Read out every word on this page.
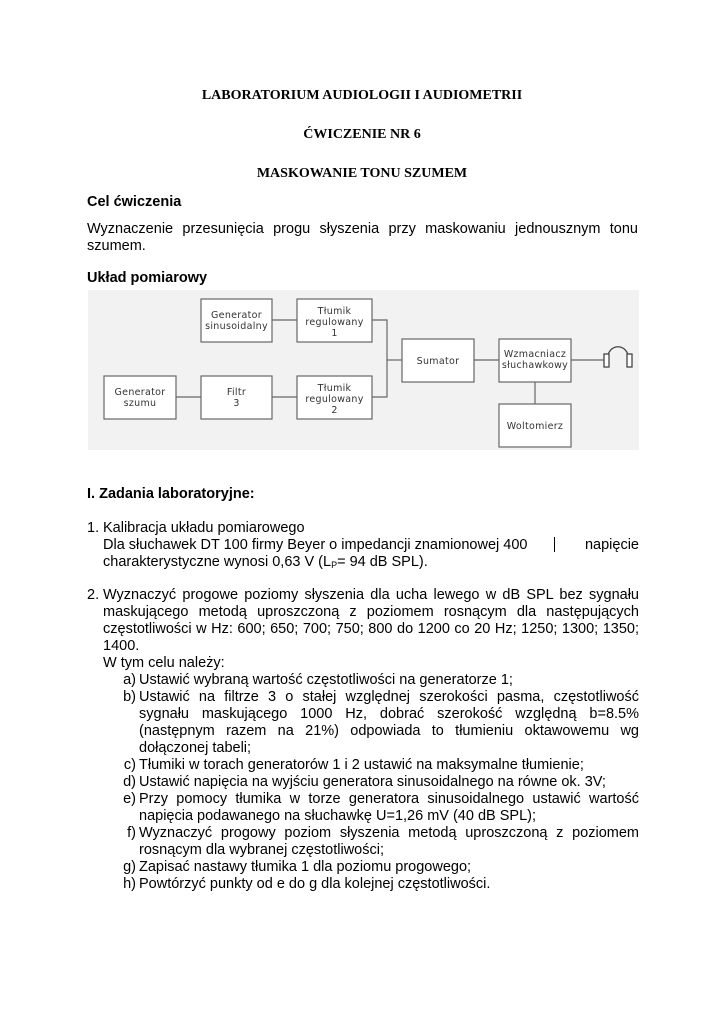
LABORATORIUM AUDIOLOGII I AUDIOMETRII
ĆWICZENIE NR 6
MASKOWANIE TONU SZUMEM
Cel ćwiczenia
Wyznaczenie przesunięcia progu słyszenia przy maskowaniu jednousznym tonu
szumem.
Układ pomiarowy
Generator
sinusoidalny
Tłumik
regulowany
1
Generator
szumu
Filtr
3
Tłumik
regulowany
2
Sumator
Wzmacniacz
słuchawkowy
Woltomierz
I. Zadania laboratoryjne:
1. Kalibracja układu pomiarowego
Dla słuchawek DT 100 firmy Beyer o impedancji znamionowej 400	napięcie
charakterystyczne wynosi 0,63 V ($L_P= 94$ dB SPL).
2. Wyznaczyć progowe poziomy słyszenia dla ucha lewego w dB SPL bez sygnału
maskującego metodą uproszczoną z poziomem rosnącym dla następujących
częstotliwości w Hz: 600; 650; 700; 750; 800 do 1200 co 20 Hz; 1250; 1300; 1350;
1400.
W tym celu należy:
a) Ustawić wybraną wartość częstotliwości na generatorze 1;
b) Ustawić na filtrze 3 o stałej względnej szerokości pasma, częstotliwość
sygnału maskującego 1000 Hz, dobrać szerokość względną b=8.5%
(następnym razem na 21%) odpowiada to tłumieniu oktawowemu wg
dołączonej tabeli;
c) Tłumiki w torach generatorów 1 i 2 ustawić na maksymalne tłumienie;
d) Ustawić napięcia na wyjściu generatora sinusoidalnego na równe ok. 3V;
e) Przy pomocy tłumika w torze generatora sinusoidalnego ustawić wartość
napięcia podawanego na słuchawkę U=1,26 mV (40 dB SPL);
f) Wyznaczyć progowy poziom słyszenia metodą uproszczoną z poziomem
rosnącym dla wybranej częstotliwości;
g) Zapisać nastawy tłumika 1 dla poziomu progowego;
h) Powtórzyć punkty od e do g dla kolejnej częstotliwości.
